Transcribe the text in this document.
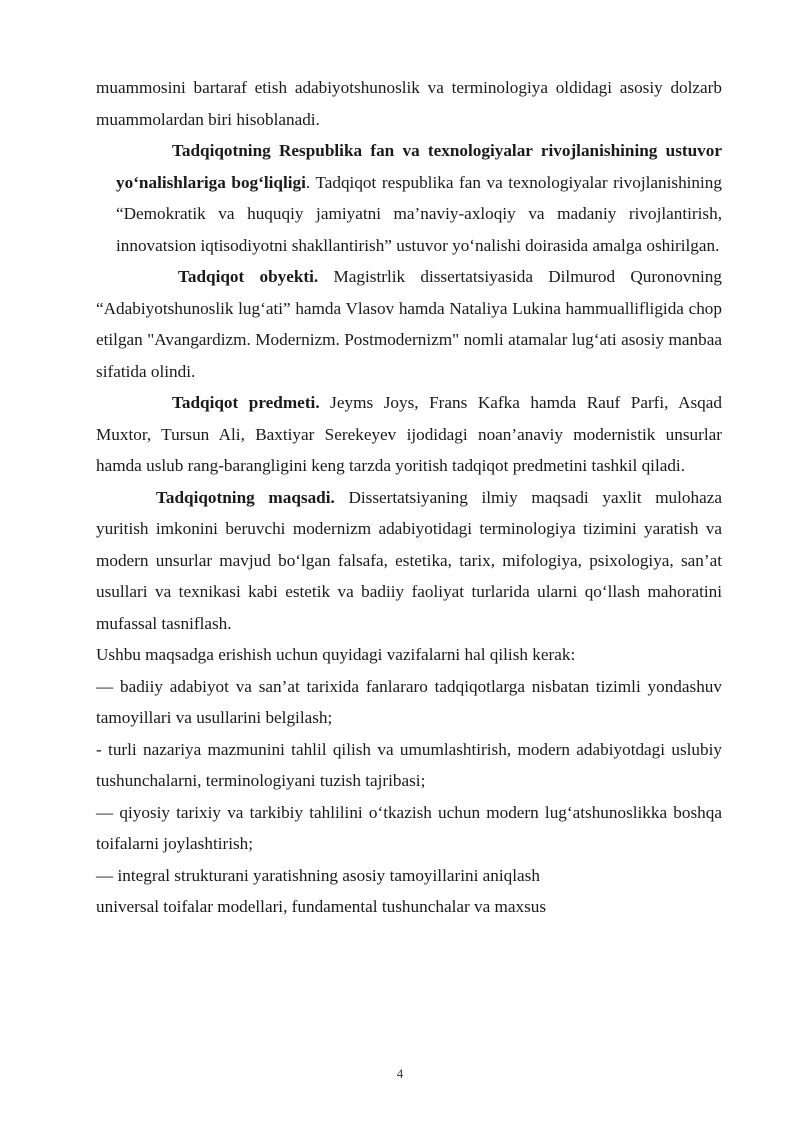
muammosini bartaraf etish adabiyotshunoslik va terminologiya oldidagi asosiy dolzarb muammolardan biri hisoblanadi.

Tadqiqotning Respublika fan va texnologiyalar rivojlanishining ustuvor yo‘nalishlariga bog‘liqligi. Tadqiqot respublika fan va texnologiyalar rivojlanishining “Demokratik va huquqiy jamiyatni ma’naviy-axloqiy va madaniy rivojlantirish, innovatsion iqtisodiyotni shakllantirish” ustuvor yo‘nalishi doirasida amalga oshirilgan.

Tadqiqot obyekti. Magistrlik dissertatsiyasida Dilmurod Quronovning “Adabiyotshunoslik lug‘ati” hamda Vlasov hamda Nataliya Lukina hammuallifligida chop etilgan "Avangardizm. Modernizm. Postmodernizm" nomli atamalar lug‘ati asosiy manbaa sifatida olindi.

Tadqiqot predmeti. Jeyms Joys, Frans Kafka hamda Rauf Parfi, Asqad Muxtor, Tursun Ali, Baxtiyar Serekeyev ijodidagi noan’anaviy modernistik unsurlar hamda uslub rang-barangligini keng tarzda yoritish tadqiqot predmetini tashkil qiladi.

Tadqiqotning maqsadi. Dissertatsiyaning ilmiy maqsadi yaxlit mulohaza yuritish imkonini beruvchi modernizm adabiyotidagi terminologiya tizimini yaratish va modern unsurlar mavjud bo‘lgan falsafa, estetika, tarix, mifologiya, psixologiya, san’at usullari va texnikasi kabi estetik va badiiy faoliyat turlarida ularni qo‘llash mahoratini mufassal tasniflash.

Ushbu maqsadga erishish uchun quyidagi vazifalarni hal qilish kerak:

— badiiy adabiyot va san’at tarixida fanlararo tadqiqotlarga nisbatan tizimli yondashuv tamoyillari va usullarini belgilash;

- turli nazariya mazmunini tahlil qilish va umumlashtirish, modern adabiyotdagi uslubiy tushunchalarni, terminologiyani tuzish tajribasi;

— qiyosiy tarixiy va tarkibiy tahlilini o‘tkazish uchun modern lug‘atshunoslikka boshqa toifalarni joylashtirish;

— integral strukturani yaratishning asosiy tamoyillarini aniqlash

universal toifalar modellari, fundamental tushunchalar va maxsus

4
